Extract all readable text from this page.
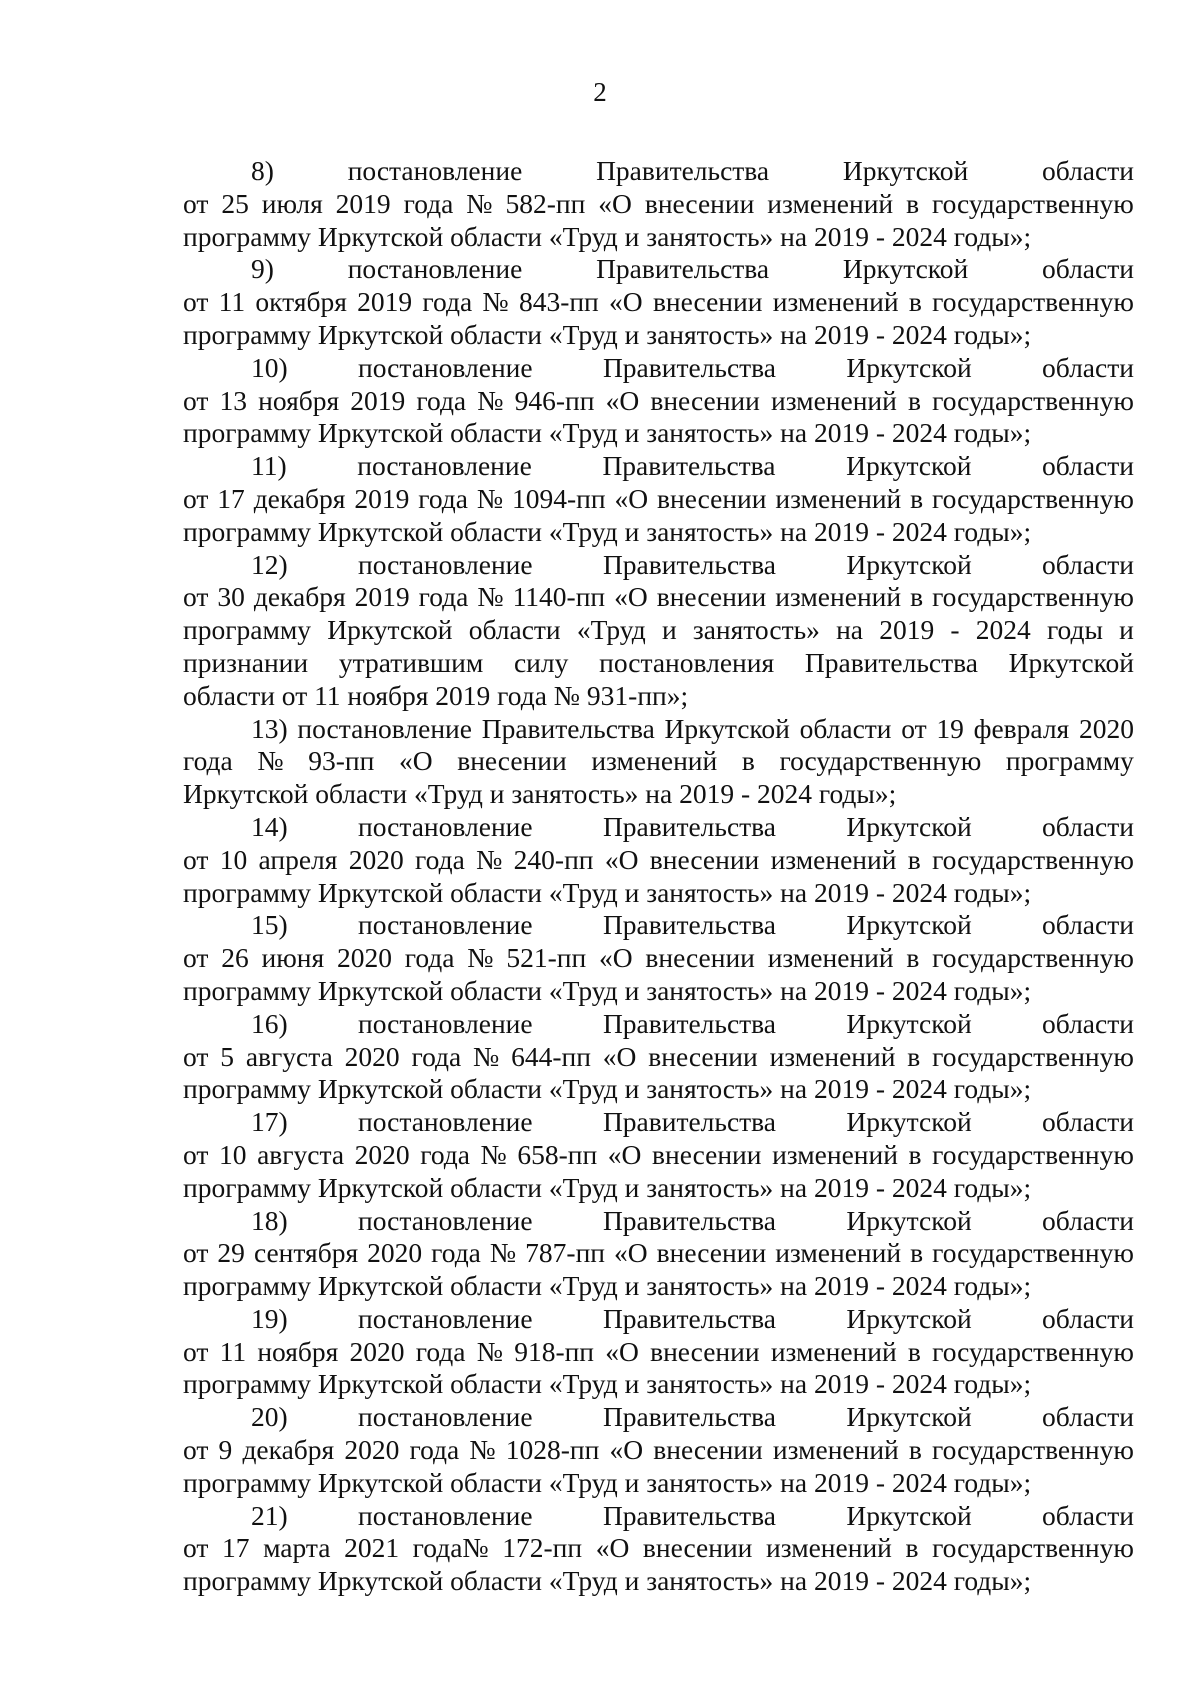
2
8)	постановление	Правительства	Иркутской	области
от 25 июля 2019 года № 582-пп «О внесении изменений в государственную
программу Иркутской области «Труд и занятость» на 2019 - 2024 годы»;
9)	постановление	Правительства	Иркутской	области
от 11 октября 2019 года № 843-пп «О внесении изменений в государственную
программу Иркутской области «Труд и занятость» на 2019 - 2024 годы»;
10)	постановление	Правительства	Иркутской	области
от 13 ноября 2019 года № 946-пп «О внесении изменений в государственную
программу Иркутской области «Труд и занятость» на 2019 - 2024 годы»;
11)	постановление	Правительства	Иркутской	области
от 17 декабря 2019 года № 1094-пп «О внесении изменений в государственную
программу Иркутской области «Труд и занятость» на 2019 - 2024 годы»;
12)	постановление	Правительства	Иркутской	области
от 30 декабря 2019 года № 1140-пп «О внесении изменений в государственную
программу Иркутской области «Труд и занятость» на 2019 - 2024 годы и
признании утратившим силу постановления Правительства Иркутской
области от 11 ноября 2019 года № 931-пп»;
13) постановление Правительства Иркутской области от 19 февраля 2020
года № 93-пп «О внесении изменений в государственную программу
Иркутской области «Труд и занятость» на 2019 - 2024 годы»;
14)	постановление	Правительства	Иркутской	области
от 10 апреля 2020 года № 240-пп «О внесении изменений в государственную
программу Иркутской области «Труд и занятость» на 2019 - 2024 годы»;
15)	постановление	Правительства	Иркутской	области
от 26 июня 2020 года № 521-пп «О внесении изменений в государственную
программу Иркутской области «Труд и занятость» на 2019 - 2024 годы»;
16)	постановление	Правительства	Иркутской	области
от 5 августа 2020 года № 644-пп «О внесении изменений в государственную
программу Иркутской области «Труд и занятость» на 2019 - 2024 годы»;
17)	постановление	Правительства	Иркутской	области
от 10 августа 2020 года № 658-пп «О внесении изменений в государственную
программу Иркутской области «Труд и занятость» на 2019 - 2024 годы»;
18)	постановление	Правительства	Иркутской	области
от 29 сентября 2020 года № 787-пп «О внесении изменений в государственную
программу Иркутской области «Труд и занятость» на 2019 - 2024 годы»;
19)	постановление	Правительства	Иркутской	области
от 11 ноября 2020 года № 918-пп «О внесении изменений в государственную
программу Иркутской области «Труд и занятость» на 2019 - 2024 годы»;
20)	постановление	Правительства	Иркутской	области
от 9 декабря 2020 года № 1028-пп «О внесении изменений в государственную
программу Иркутской области «Труд и занятость» на 2019 - 2024 годы»;
21)	постановление	Правительства	Иркутской	области
от 17 марта 2021 года№ 172-пп «О внесении изменений в государственную
программу Иркутской области «Труд и занятость» на 2019 - 2024 годы»;
